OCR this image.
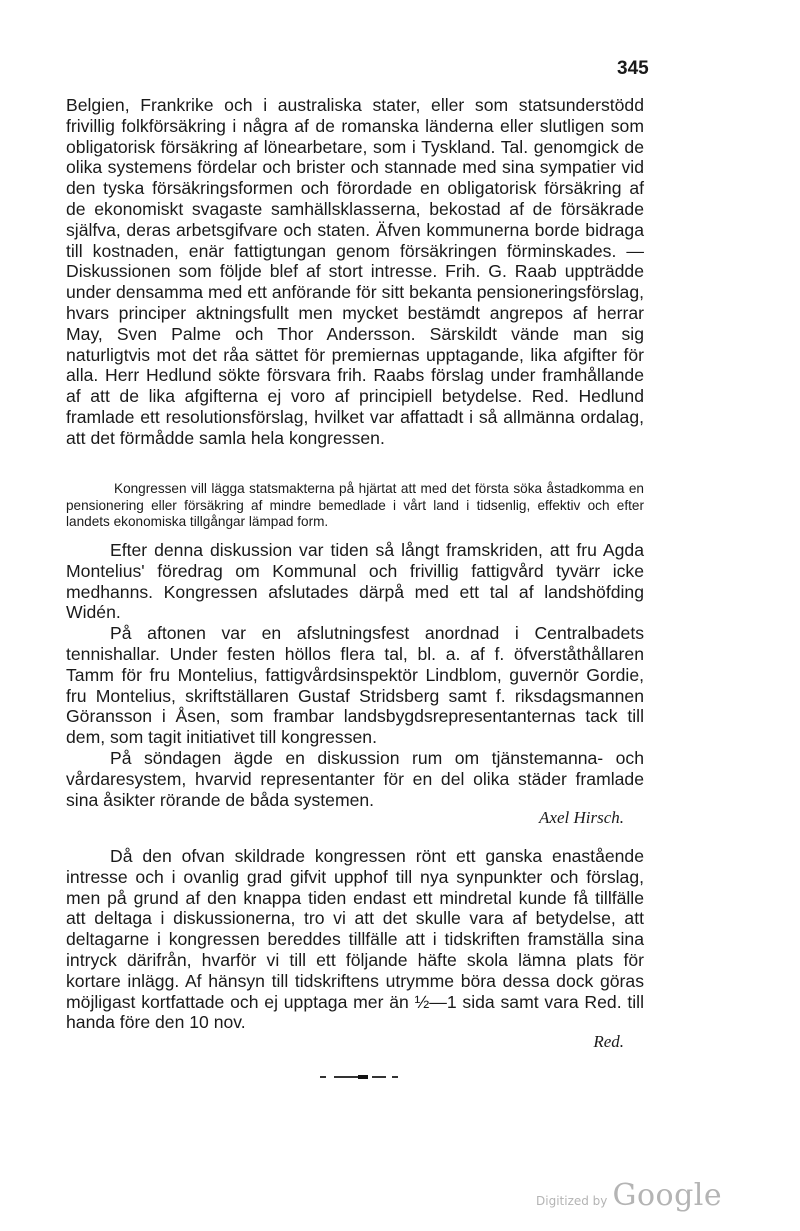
345

Belgien, Frankrike och i australiska stater, eller som statsunderstödd frivillig folkförsäkring i några af de romanska länderna eller slutligen som obligatorisk försäkring af lönearbetare, som i Tyskland. Tal. genomgick de olika systemens fördelar och brister och stannade med sina sympatier vid den tyska försäkringsformen och förordade en obligatorisk försäkring af de ekonomiskt svagaste samhällsklasserna, bekostad af de försäkrade själfva, deras arbetsgifvare och staten. Äfven kommunerna borde bidraga till kostnaden, enär fattigtungan genom försäkringen förminskades. — Diskussionen som följde blef af stort intresse. Frih. G. Raab uppträdde under densamma med ett anförande för sitt bekanta pensioneringsförslag, hvars principer aktningsfullt men mycket bestämdt angrepos af herrar May, Sven Palme och Thor Andersson. Särskildt vände man sig naturligtvis mot det råa sättet för premiernas upptagande, lika afgifter för alla. Herr Hedlund sökte försvara frih. Raabs förslag under framhållande af att de lika afgifterna ej voro af principiell betydelse. Red. Hedlund framlade ett resolutionsförslag, hvilket var affattadt i så allmänna ordalag, att det förmådde samla hela kongressen.

Kongressen vill lägga statsmakterna på hjärtat att med det första söka åstadkomma en pensionering eller försäkring af mindre bemedlade i vårt land i tidsenlig, effektiv och efter landets ekonomiska tillgångar lämpad form.

Efter denna diskussion var tiden så långt framskriden, att fru Agda Montelius' föredrag om Kommunal och frivillig fattigvård tyvärr icke medhanns. Kongressen afslutades därpå med ett tal af landshöfding Widén.

På aftonen var en afslutningsfest anordnad i Centralbadets tennishallar. Under festen höllos flera tal, bl. a. af f. öfverståthållaren Tamm för fru Montelius, fattigvårdsinspektör Lindblom, guvernör Gordie, fru Montelius, skriftställaren Gustaf Stridsberg samt f. riksdagsmannen Göransson i Åsen, som frambar landsbygdsrepresentanternas tack till dem, som tagit initiativet till kongressen.

På söndagen ägde en diskussion rum om tjänstemanna- och vårdaresystem, hvarvid representanter för en del olika städer framlade sina åsikter rörande de båda systemen.

Axel Hirsch.

Då den ofvan skildrade kongressen rönt ett ganska enastående intresse och i ovanlig grad gifvit upphof till nya synpunkter och förslag, men på grund af den knappa tiden endast ett mindretal kunde få tillfälle att deltaga i diskussionerna, tro vi att det skulle vara af betydelse, att deltagarne i kongressen bereddes tillfälle att i tidskriften framställa sina intryck därifrån, hvarför vi till ett följande häfte skola lämna plats för kortare inlägg. Af hänsyn till tidskriftens utrymme böra dessa dock göras möjligast kortfattade och ej upptaga mer än ½—1 sida samt vara Red. till handa före den 10 nov.

Red.

Digitized by Google
